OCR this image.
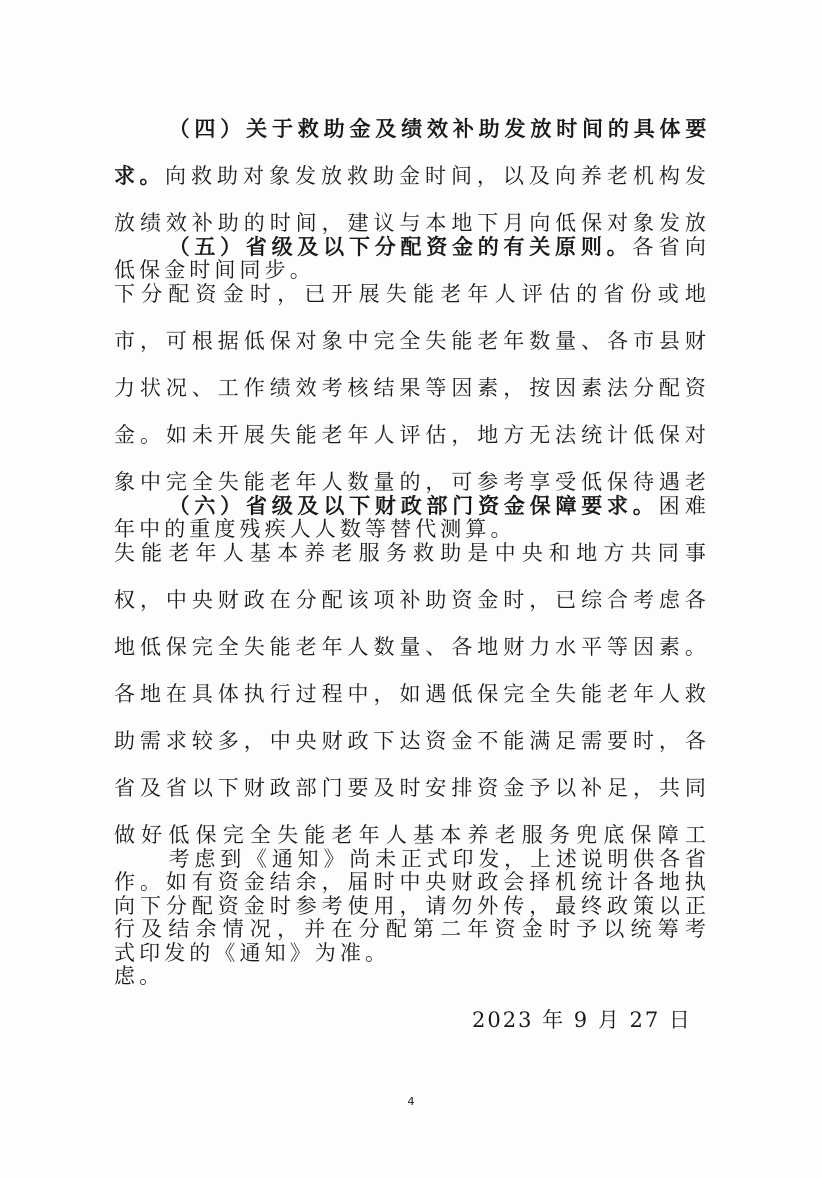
（四）关于救助金及绩效补助发放时间的具体要求。向救助对象发放救助金时间，以及向养老机构发放绩效补助的时间，建议与本地下月向低保对象发放低保金时间同步。

（五）省级及以下分配资金的有关原则。各省向下分配资金时，已开展失能老年人评估的省份或地市，可根据低保对象中完全失能老年数量、各市县财力状况、工作绩效考核结果等因素，按因素法分配资金。如未开展失能老年人评估，地方无法统计低保对象中完全失能老年人数量的，可参考享受低保待遇老年中的重度残疾人人数等替代测算。

（六）省级及以下财政部门资金保障要求。困难失能老年人基本养老服务救助是中央和地方共同事权，中央财政在分配该项补助资金时，已综合考虑各地低保完全失能老年人数量、各地财力水平等因素。各地在具体执行过程中，如遇低保完全失能老年人救助需求较多，中央财政下达资金不能满足需要时，各省及省以下财政部门要及时安排资金予以补足，共同做好低保完全失能老年人基本养老服务兜底保障工作。如有资金结余，届时中央财政会择机统计各地执行及结余情况，并在分配第二年资金时予以统筹考虑。

考虑到《通知》尚未正式印发，上述说明供各省向下分配资金时参考使用，请勿外传，最终政策以正式印发的《通知》为准。

2023 年 9 月 27 日

4
